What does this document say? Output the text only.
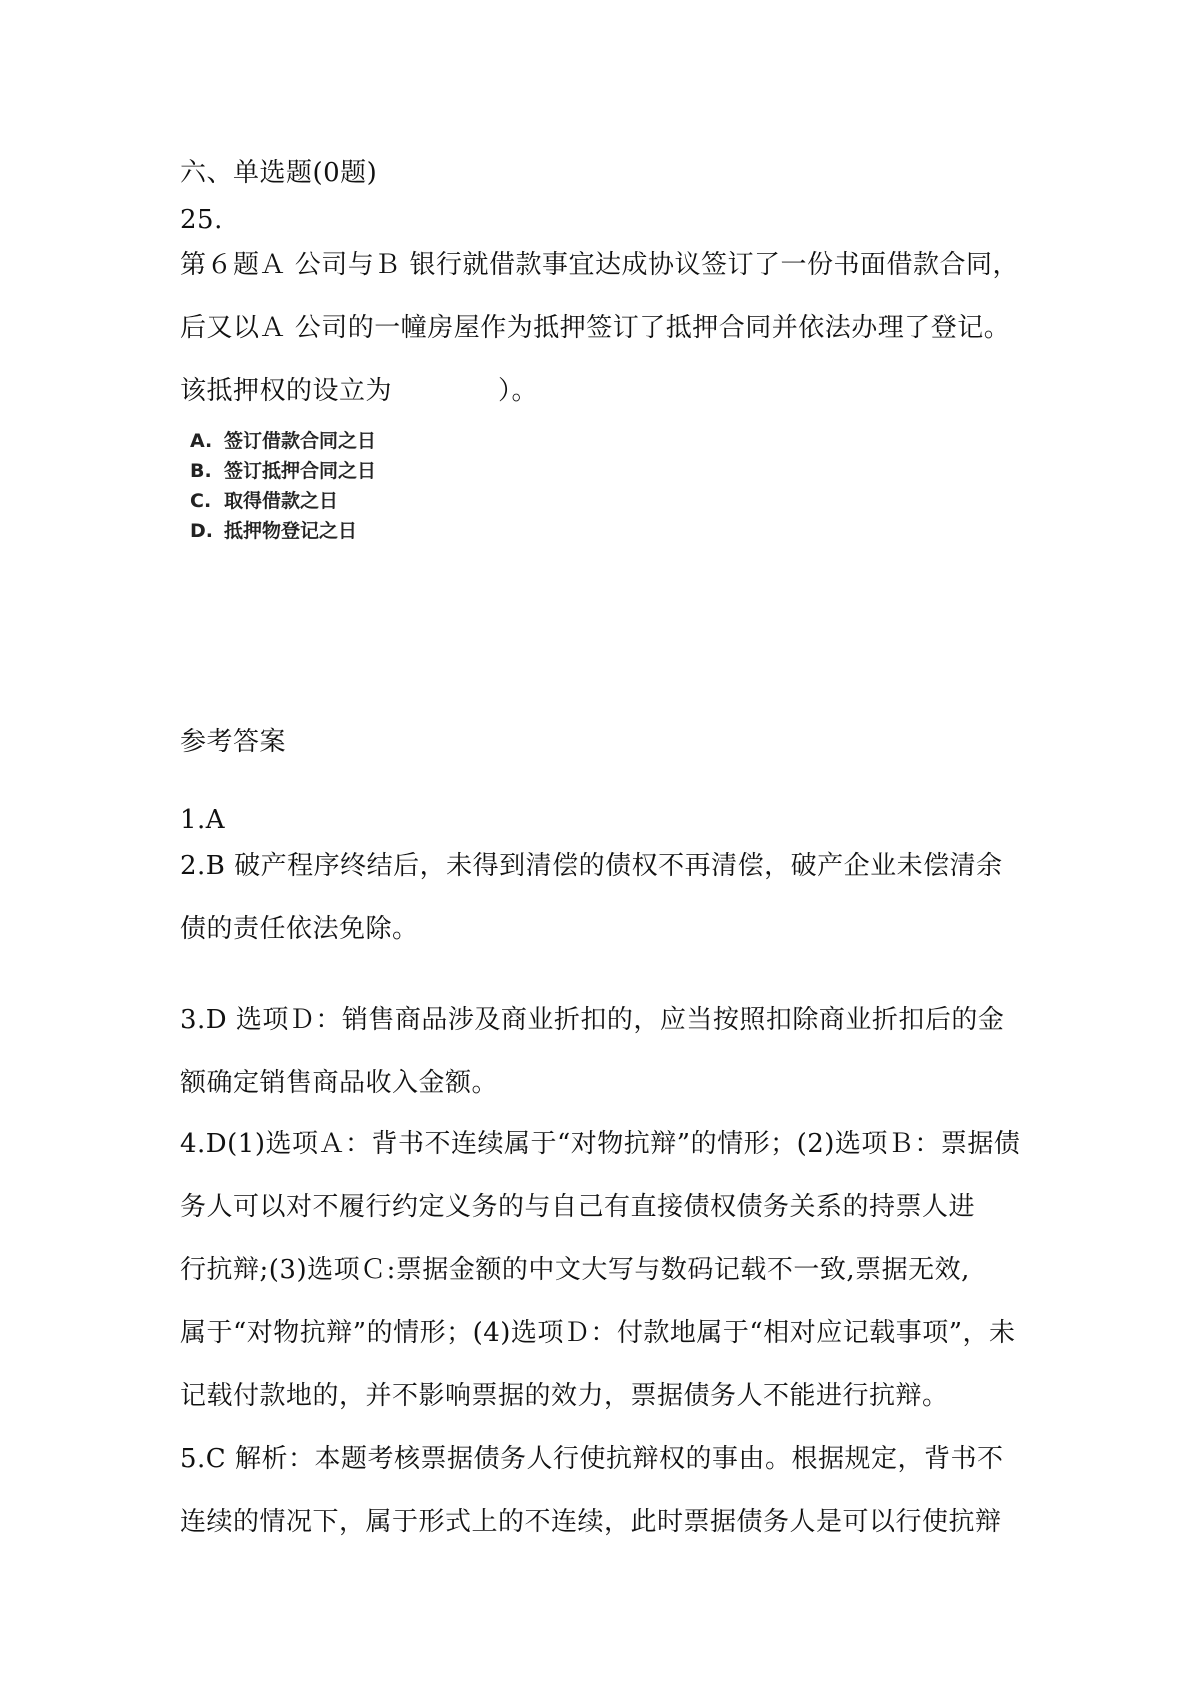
六、单选题(0题)
25.
第６题Ａ 公司与Ｂ 银行就借款事宜达成协议签订了一份书面借款合同，
后又以Ａ 公司的一幢房屋作为抵押签订了抵押合同并依法办理了登记。
该抵押权的设立为　　　　）。
A. 签订借款合同之日
B. 签订抵押合同之日
C. 取得借款之日
D. 抵押物登记之日
参考答案
1.A
2.B 破产程序终结后，未得到清偿的债权不再清偿，破产企业未偿清余
债的责任依法免除。
3.D 选项Ｄ：销售商品涉及商业折扣的，应当按照扣除商业折扣后的金
额确定销售商品收入金额。
4.D(1)选项Ａ：背书不连续属于“对物抗辩”的情形；(2)选项Ｂ：票据债
务人可以对不履行约定义务的与自己有直接债权债务关系的持票人进
行抗辩;(3)选项Ｃ:票据金额的中文大写与数码记载不一致,票据无效,
属于“对物抗辩”的情形；(4)选项Ｄ：付款地属于“相对应记载事项”，未
记载付款地的，并不影响票据的效力，票据债务人不能进行抗辩。
5.C 解析：本题考核票据债务人行使抗辩权的事由。根据规定，背书不
连续的情况下，属于形式上的不连续，此时票据债务人是可以行使抗辩
